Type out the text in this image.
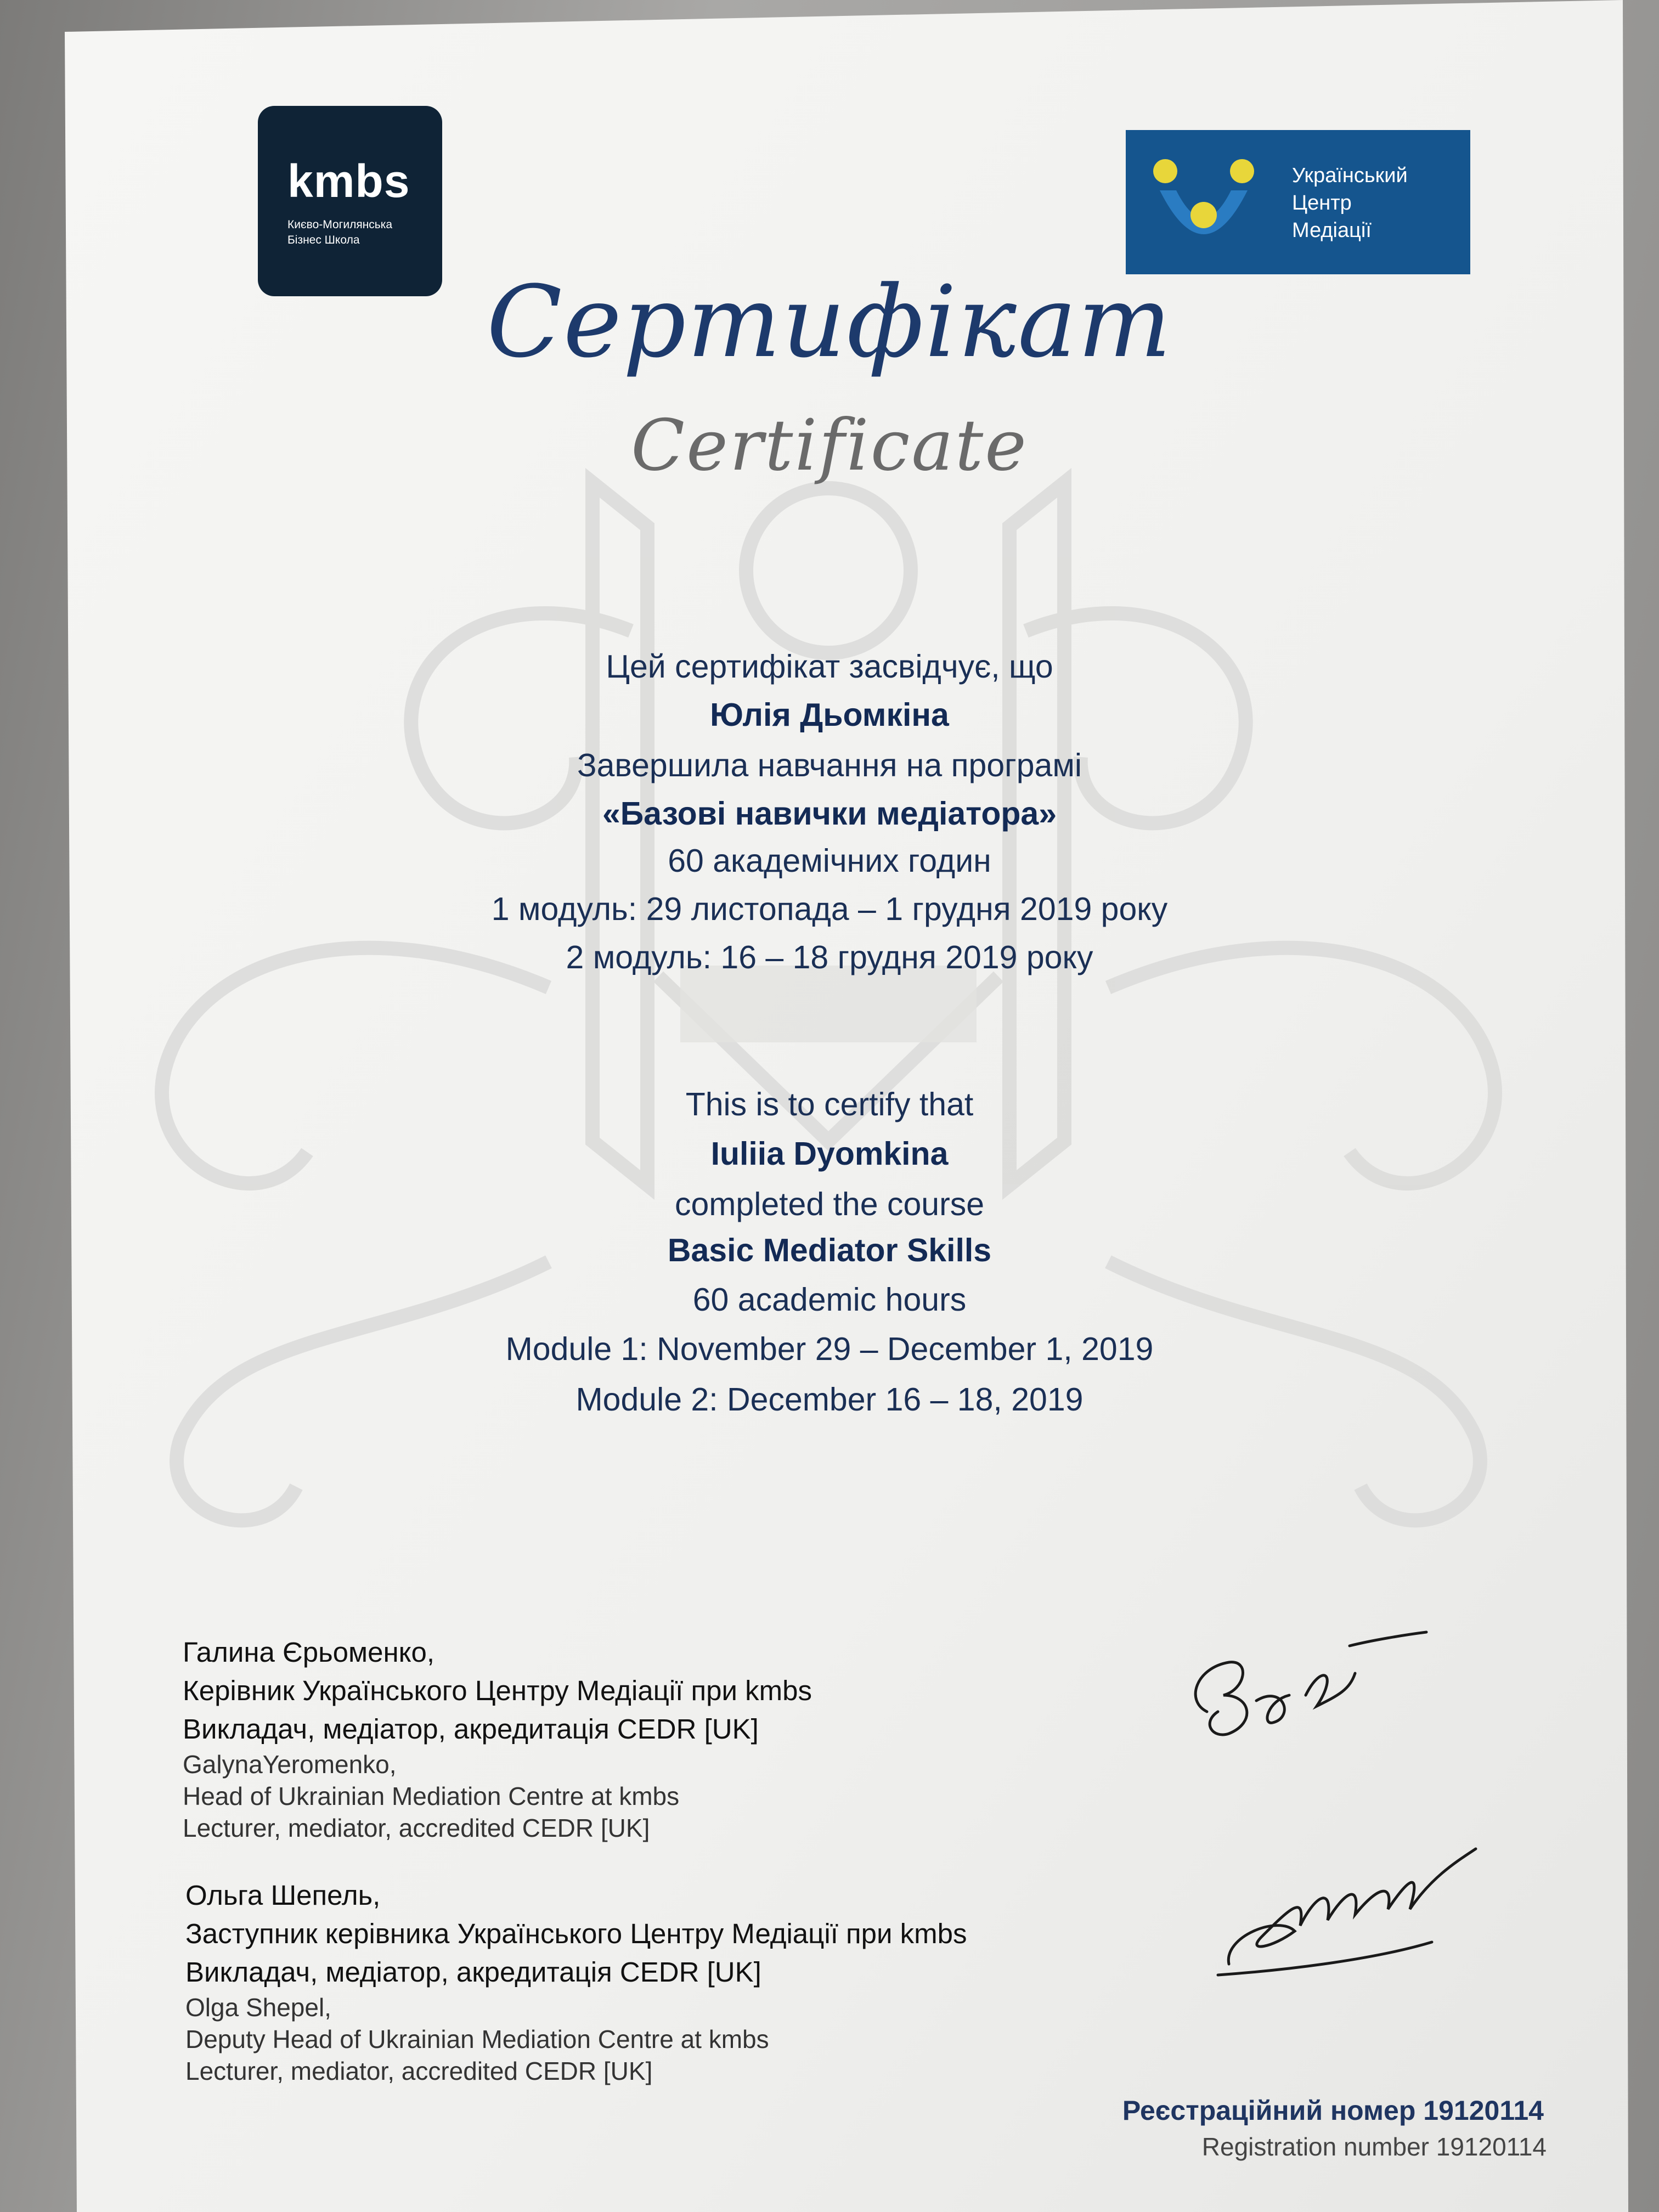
kmbs
Києво-Могилянська
Бізнес Школа
Український
Центр
Медіації
Сертифікат
Certificate
Цей сертифікат засвідчує, що
Юлія Дьомкіна
Завершила навчання на програмі
«Базові навички медіатора»
60 академічних годин
1 модуль: 29 листопада – 1 грудня 2019 року
2 модуль: 16 – 18 грудня 2019 року
This is to certify that
Iuliia Dyomkina
completed the course
Basic Mediator Skills
60 academic hours
Module 1: November 29 – December 1, 2019
Module 2: December 16 – 18, 2019
Галина Єрьоменко,
Керівник Українського Центру Медіації при kmbs
Викладач, медіатор, акредитація CEDR [UK]
GalynaYeromenko,
Head of Ukrainian Mediation Centre at kmbs
Lecturer, mediator, accredited CEDR [UK]
Ольга Шепель,
Заступник керівника Українського Центру Медіації при kmbs
Викладач, медіатор, акредитація CEDR [UK]
Olga Shepel,
Deputy Head of Ukrainian Mediation Centre at kmbs
Lecturer, mediator, accredited CEDR [UK]
Реєстраційний номер 19120114
Registration number 19120114
